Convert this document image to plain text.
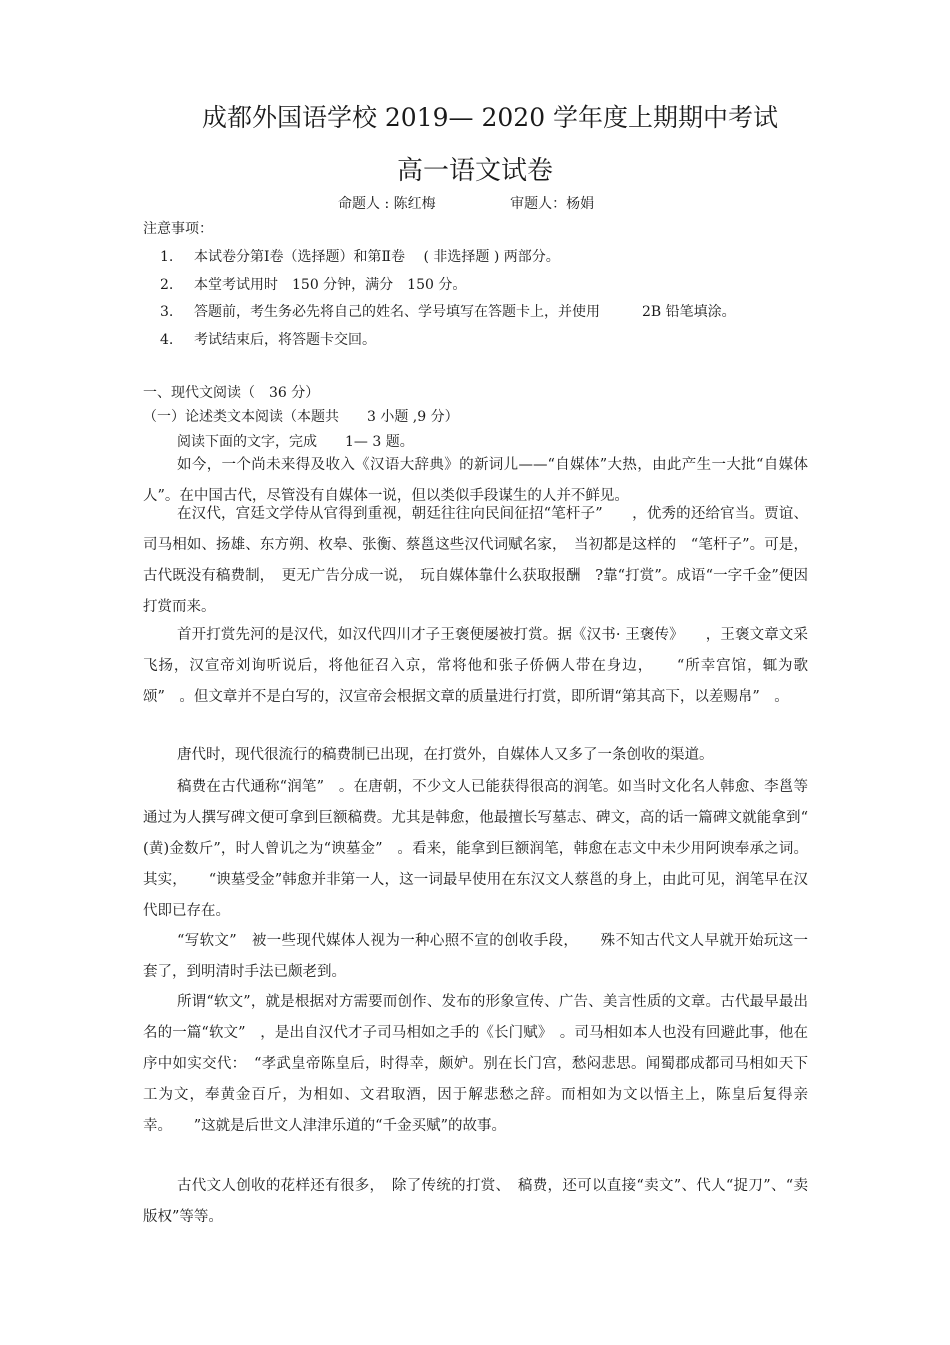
成都外国语学校 2019— 2020 学年度上期期中考试
高一语文试卷
命题人 : 陈红梅	审题人：杨娟
注意事项：
1. 本试卷分第Ⅰ卷（选择题）和第Ⅱ卷　 ( 非选择题 ) 两部分。
2. 本堂考试用时　150 分钟，满分　150 分。
3. 答题前，考生务必先将自己的姓名、学号填写在答题卡上，并使用　　　2B 铅笔填涂。
4. 考试结束后，将答题卡交回。
一、现代文阅读（　36 分）
（一）论述类文本阅读（本题共　　3 小题 ,9 分）
阅读下面的文字，完成　　1— 3 题。
如今，一个尚未来得及收入《汉语大辞典》的新词儿——“自媒体”大热，由此产生一大批“自媒体人”。在中国古代，尽管没有自媒体一说，但以类似手段谋生的人并不鲜见。
在汉代，宫廷文学侍从官得到重视，朝廷往往向民间征招“笔杆子”　　，优秀的还给官当。贾谊、司马相如、扬雄、东方朔、枚皋、张衡、蔡邕这些汉代词赋名家，　当初都是这样的　“笔杆子”。可是，古代既没有稿费制，　更无广告分成一说，　玩自媒体靠什么获取报酬　?靠“打赏”。成语“一字千金”便因打赏而来。
首开打赏先河的是汉代，如汉代四川才子王褒便屡被打赏。据《汉书· 王褒传》　　，王褒文章文采飞扬，汉宣帝刘询听说后，将他征召入京，常将他和张子侨俩人带在身边，　　“所幸宫馆，辄为歌颂”　。但文章并不是白写的，汉宣帝会根据文章的质量进行打赏，即所谓“第其高下，以差赐帛”　。
唐代时，现代很流行的稿费制已出现，在打赏外，自媒体人又多了一条创收的渠道。
稿费在古代通称“润笔”　。在唐朝，不少文人已能获得很高的润笔。如当时文化名人韩愈、李邕等通过为人撰写碑文便可拿到巨额稿费。尤其是韩愈，他最擅长写墓志、碑文，高的话一篇碑文就能拿到“　(黄)金数斤”，时人曾讥之为“谀墓金”　。看来，能拿到巨额润笔，韩愈在志文中未少用阿谀奉承之词。其实，　　“谀墓受金”韩愈并非第一人，这一词最早使用在东汉文人蔡邕的身上，由此可见，润笔早在汉代即已存在。
“写软文”　被一些现代媒体人视为一种心照不宣的创收手段，　　殊不知古代文人早就开始玩这一套了，到明清时手法已颇老到。
所谓“软文”，就是根据对方需要而创作、发布的形象宣传、广告、美言性质的文章。古代最早最出名的一篇“软文”　，是出自汉代才子司马相如之手的《长门赋》　。司马相如本人也没有回避此事，他在序中如实交代：　“孝武皇帝陈皇后，时得幸，颇妒。别在长门宫，愁闷悲思。闻蜀郡成都司马相如天下工为文，奉黄金百斤，为相如、文君取酒，因于解悲愁之辞。而相如为文以悟主上，陈皇后复得亲幸。　　”这就是后世文人津津乐道的“千金买赋”的故事。
古代文人创收的花样还有很多，　除了传统的打赏、　稿费，还可以直接“卖文”、代人“捉刀”、“卖版权”等等。
